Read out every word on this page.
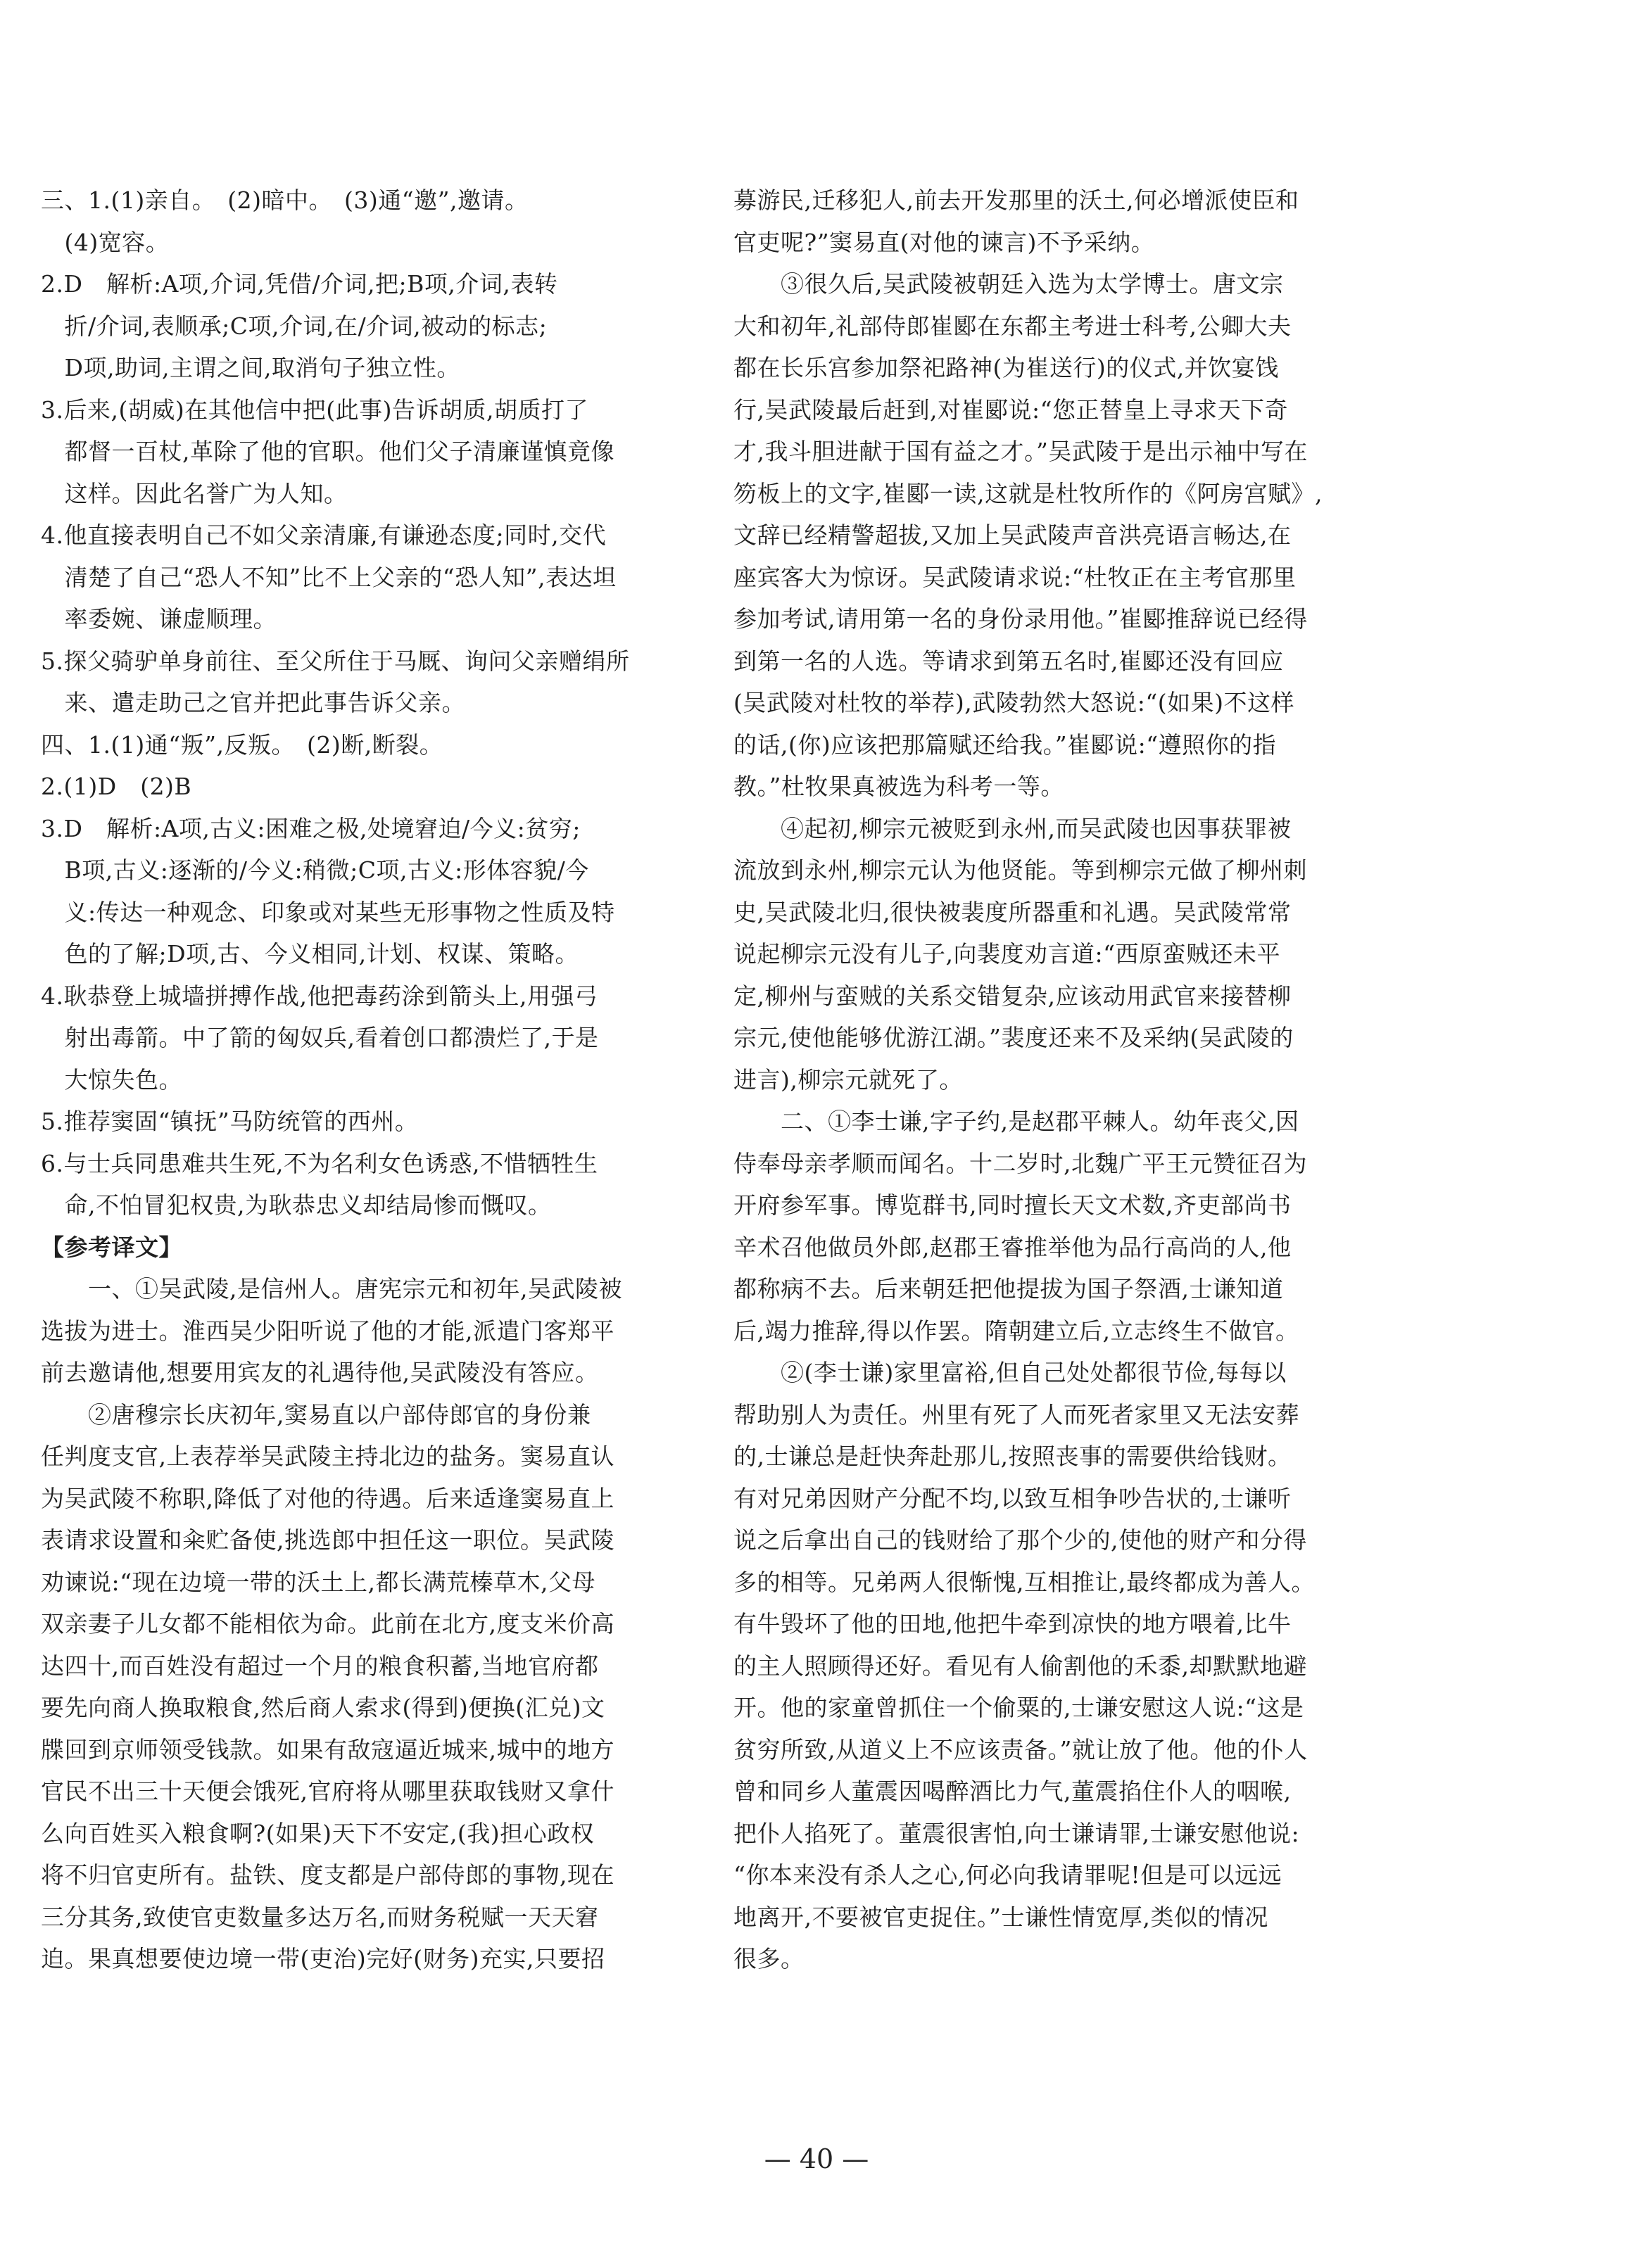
三、1.(1)亲自。　(2)暗中。　(3)通“邀”,邀请。
　(4)宽容。
2.D　解析:A项,介词,凭借/介词,把;B项,介词,表转
　折/介词,表顺承;C项,介词,在/介词,被动的标志;
　D项,助词,主谓之间,取消句子独立性。
3.后来,(胡威)在其他信中把(此事)告诉胡质,胡质打了
　都督一百杖,革除了他的官职。他们父子清廉谨慎竟像
　这样。因此名誉广为人知。
4.他直接表明自己不如父亲清廉,有谦逊态度;同时,交代
　清楚了自己“恐人不知”比不上父亲的“恐人知”,表达坦
　率委婉、谦虚顺理。
5.探父骑驴单身前往、至父所住于马厩、询问父亲赠绢所
　来、遣走助己之官并把此事告诉父亲。
四、1.(1)通“叛”,反叛。　(2)断,断裂。
2.(1)D　(2)B
3.D　解析:A项,古义:困难之极,处境窘迫/今义:贫穷;
　B项,古义:逐渐的/今义:稍微;C项,古义:形体容貌/今
　义:传达一种观念、印象或对某些无形事物之性质及特
　色的了解;D项,古、今义相同,计划、权谋、策略。
4.耿恭登上城墙拼搏作战,他把毒药涂到箭头上,用强弓
　射出毒箭。中了箭的匈奴兵,看着创口都溃烂了,于是
　大惊失色。
5.推荐窦固“镇抚”马防统管的西州。
6.与士兵同患难共生死,不为名利女色诱惑,不惜牺牲生
　命,不怕冒犯权贵,为耿恭忠义却结局惨而慨叹。
【参考译文】
　　一、①吴武陵,是信州人。唐宪宗元和初年,吴武陵被
选拔为进士。淮西吴少阳听说了他的才能,派遣门客郑平
前去邀请他,想要用宾友的礼遇待他,吴武陵没有答应。
　　②唐穆宗长庆初年,窦易直以户部侍郎官的身份兼
任判度支官,上表荐举吴武陵主持北边的盐务。窦易直认
为吴武陵不称职,降低了对他的待遇。后来适逢窦易直上
表请求设置和籴贮备使,挑选郎中担任这一职位。吴武陵
劝谏说:“现在边境一带的沃土上,都长满荒榛草木,父母
双亲妻子儿女都不能相依为命。此前在北方,度支米价高
达四十,而百姓没有超过一个月的粮食积蓄,当地官府都
要先向商人换取粮食,然后商人索求(得到)便换(汇兑)文
牒回到京师领受钱款。如果有敌寇逼近城来,城中的地方
官民不出三十天便会饿死,官府将从哪里获取钱财又拿什
么向百姓买入粮食啊?(如果)天下不安定,(我)担心政权
将不归官吏所有。盐铁、度支都是户部侍郎的事物,现在
三分其务,致使官吏数量多达万名,而财务税赋一天天窘
迫。果真想要使边境一带(吏治)完好(财务)充实,只要招
募游民,迁移犯人,前去开发那里的沃土,何必增派使臣和
官吏呢?”窦易直(对他的谏言)不予采纳。
　　③很久后,吴武陵被朝廷入选为太学博士。唐文宗
大和初年,礼部侍郎崔郾在东都主考进士科考,公卿大夫
都在长乐宫参加祭祀路神(为崔送行)的仪式,并饮宴饯
行,吴武陵最后赶到,对崔郾说:“您正替皇上寻求天下奇
才,我斗胆进献于国有益之才。”吴武陵于是出示袖中写在
笏板上的文字,崔郾一读,这就是杜牧所作的《阿房宫赋》,
文辞已经精警超拔,又加上吴武陵声音洪亮语言畅达,在
座宾客大为惊讶。吴武陵请求说:“杜牧正在主考官那里
参加考试,请用第一名的身份录用他。”崔郾推辞说已经得
到第一名的人选。等请求到第五名时,崔郾还没有回应
(吴武陵对杜牧的举荐),武陵勃然大怒说:“(如果)不这样
的话,(你)应该把那篇赋还给我。”崔郾说:“遵照你的指
教。”杜牧果真被选为科考一等。
　　④起初,柳宗元被贬到永州,而吴武陵也因事获罪被
流放到永州,柳宗元认为他贤能。等到柳宗元做了柳州刺
史,吴武陵北归,很快被裴度所器重和礼遇。吴武陵常常
说起柳宗元没有儿子,向裴度劝言道:“西原蛮贼还未平
定,柳州与蛮贼的关系交错复杂,应该动用武官来接替柳
宗元,使他能够优游江湖。”裴度还来不及采纳(吴武陵的
进言),柳宗元就死了。
　　二、①李士谦,字子约,是赵郡平棘人。幼年丧父,因
侍奉母亲孝顺而闻名。十二岁时,北魏广平王元赞征召为
开府参军事。博览群书,同时擅长天文术数,齐吏部尚书
辛术召他做员外郎,赵郡王睿推举他为品行高尚的人,他
都称病不去。后来朝廷把他提拔为国子祭酒,士谦知道
后,竭力推辞,得以作罢。隋朝建立后,立志终生不做官。
　　②(李士谦)家里富裕,但自己处处都很节俭,每每以
帮助别人为责任。州里有死了人而死者家里又无法安葬
的,士谦总是赶快奔赴那儿,按照丧事的需要供给钱财。
有对兄弟因财产分配不均,以致互相争吵告状的,士谦听
说之后拿出自己的钱财给了那个少的,使他的财产和分得
多的相等。兄弟两人很惭愧,互相推让,最终都成为善人。
有牛毁坏了他的田地,他把牛牵到凉快的地方喂着,比牛
的主人照顾得还好。看见有人偷割他的禾黍,却默默地避
开。他的家童曾抓住一个偷粟的,士谦安慰这人说:“这是
贫穷所致,从道义上不应该责备。”就让放了他。他的仆人
曾和同乡人董震因喝醉酒比力气,董震掐住仆人的咽喉,
把仆人掐死了。董震很害怕,向士谦请罪,士谦安慰他说:
“你本来没有杀人之心,何必向我请罪呢!但是可以远远
地离开,不要被官吏捉住。”士谦性情宽厚,类似的情况
很多。
— 40 —
